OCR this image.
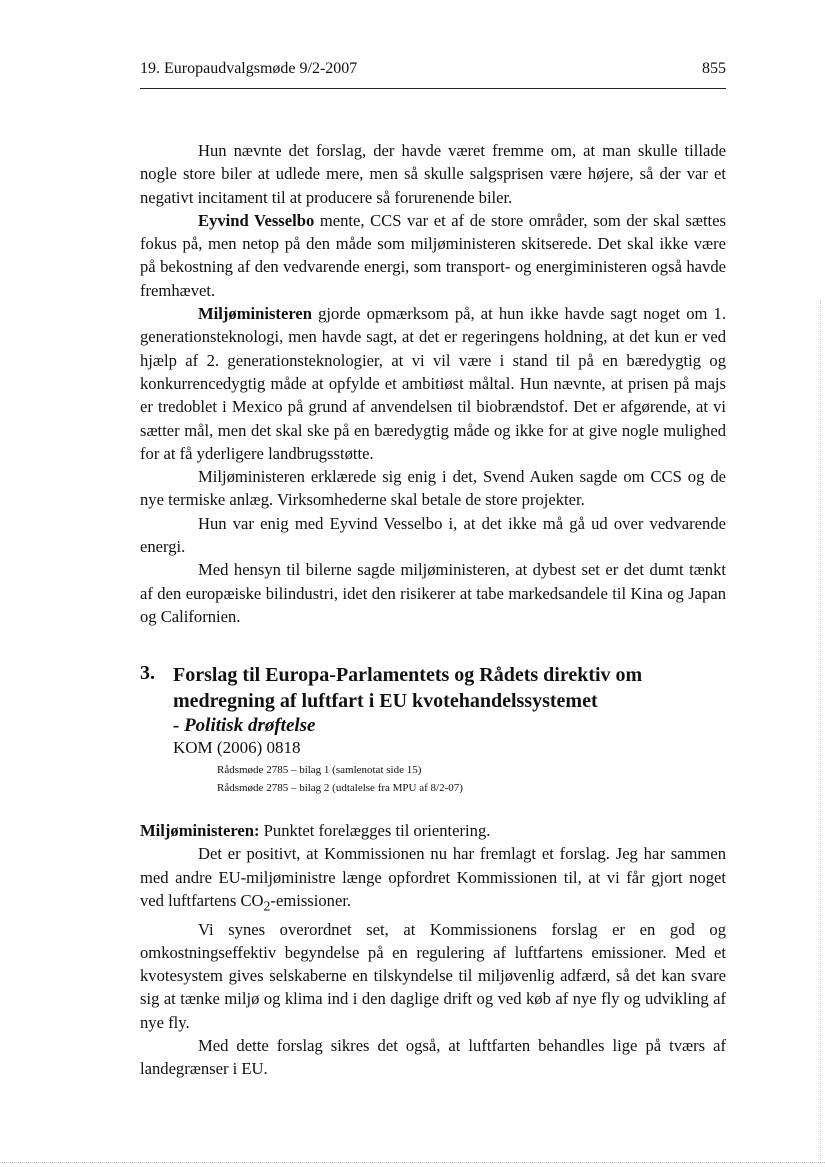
19. Europaudvalgsmøde 9/2-2007	855

Hun nævnte det forslag, der havde været fremme om, at man skulle tillade nogle store biler at udlede mere, men så skulle salgsprisen være højere, så der var et negativt incitament til at producere så forurenende biler.

Eyvind Vesselbo mente, CCS var et af de store områder, som der skal sættes fokus på, men netop på den måde som miljøministeren skitserede. Det skal ikke være på bekostning af den vedvarende energi, som transport- og energiministeren også havde fremhævet.

Miljøministeren gjorde opmærksom på, at hun ikke havde sagt noget om 1. generationsteknologi, men havde sagt, at det er regeringens holdning, at det kun er ved hjælp af 2. generationsteknologier, at vi vil være i stand til på en bæredygtig og konkurrencedygtig måde at opfylde et ambitiøst måltal. Hun nævnte, at prisen på majs er tredoblet i Mexico på grund af anvendelsen til biobrændstof. Det er afgørende, at vi sætter mål, men det skal ske på en bæredygtig måde og ikke for at give nogle mulighed for at få yderligere landbrugsstøtte.

Miljøministeren erklærede sig enig i det, Svend Auken sagde om CCS og de nye termiske anlæg. Virksomhederne skal betale de store projekter.

Hun var enig med Eyvind Vesselbo i, at det ikke må gå ud over vedvarende energi.

Med hensyn til bilerne sagde miljøministeren, at dybest set er det dumt tænkt af den europæiske bilindustri, idet den risikerer at tabe markedsandele til Kina og Japan og Californien.

3. Forslag til Europa-Parlamentets og Rådets direktiv om
medregning af luftfart i EU kvotehandelssystemet
- Politisk drøftelse
KOM (2006) 0818
Rådsmøde 2785 – bilag 1 (samlenotat side 15)
Rådsmøde 2785 – bilag 2 (udtalelse fra MPU af 8/2-07)

Miljøministeren: Punktet forelægges til orientering.

Det er positivt, at Kommissionen nu har fremlagt et forslag. Jeg har sammen med andre EU-miljøministre længe opfordret Kommissionen til, at vi får gjort noget ved luftfartens $CO_2$-emissioner.

Vi synes overordnet set, at Kommissionens forslag er en god og omkostningseffektiv begyndelse på en regulering af luftfartens emissioner. Med et kvotesystem gives selskaberne en tilskyndelse til miljøvenlig adfærd, så det kan svare sig at tænke miljø og klima ind i den daglige drift og ved køb af nye fly og udvikling af nye fly.

Med dette forslag sikres det også, at luftfarten behandles lige på tværs af landegrænser i EU.
